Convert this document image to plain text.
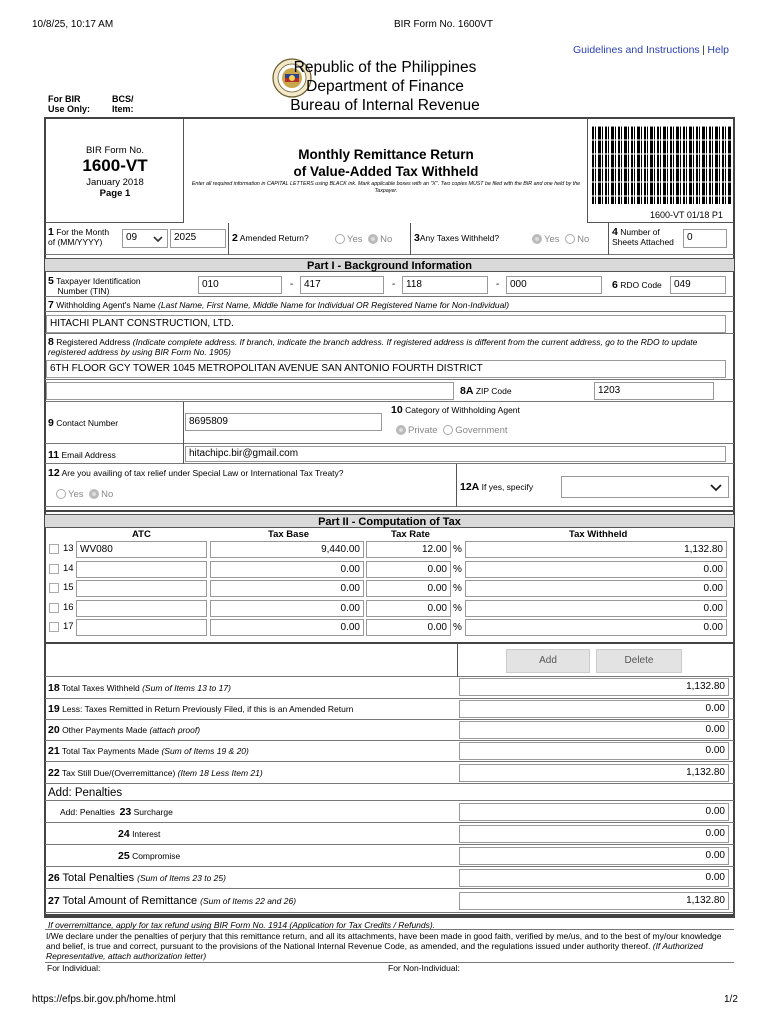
10/8/25, 10:17 AM	BIR Form No. 1600VT
Guidelines and Instructions | Help
Republic of the Philippines
Department of Finance
Bureau of Internal Revenue
For BIR
Use Only:
BCS/
Item:
BIR Form No.
1600-VT
January 2018
Page 1
Monthly Remittance Return
of Value-Added Tax Withheld
Enter all required information in CAPITAL LETTERS using BLACK ink. Mark applicable boxes with an "X". Two copies MUST be filed with the BIR and one held by the Taxpayer.
1600-VT 01/18 P1
1 For the Month
of (MM/YYYY)	09	2025	2 Amended Return?	Yes No 3Any Taxes Withheld?	Yes No
4 Number of
Sheets Attached	0
Part I - Background Information
5 Taxpayer Identification
Number (TIN)
010	-	417	-	118	-	000	6 RDO Code	049
7 Withholding Agent's Name (Last Name, First Name, Middle Name for Individual OR Registered Name for Non-Individual)
HITACHI PLANT CONSTRUCTION, LTD.
8 Registered Address (Indicate complete address. If branch, indicate the branch address. If registered address is different from the current address, go to the RDO to update registered address by using BIR Form No. 1905)
6TH FLOOR GCY TOWER 1045 METROPOLITAN AVENUE SAN ANTONIO FOURTH DISTRICT
8A ZIP Code	1203
9 Contact Number	8695809
10 Category of Withholding Agent
Private Government
11 Email Address	hitachipc.bir@gmail.com
12 Are you availing of tax relief under Special Law or International Tax Treaty?
Yes No
12A If yes, specify
Part II - Computation of Tax
ATC	Tax Base	Tax Rate	Tax Withheld
13 WV080	9,440.00	12.00 %	1,132.80
14	0.00	0.00 %	0.00
15	0.00	0.00 %	0.00
16	0.00	0.00 %	0.00
17	0.00	0.00 %	0.00
Add	Delete
18 Total Taxes Withheld (Sum of Items 13 to 17)	1,132.80
19 Less: Taxes Remitted in Return Previously Filed, if this is an Amended Return	0.00
20 Other Payments Made (attach proof)	0.00
21 Total Tax Payments Made (Sum of Items 19 & 20)	0.00
22 Tax Still Due/(Overremittance) (Item 18 Less Item 21)	1,132.80
Add: Penalties
Add: Penalties 23 Surcharge	0.00
24 Interest	0.00
25 Compromise	0.00
26 Total Penalties (Sum of Items 23 to 25)	0.00
27 Total Amount of Remittance (Sum of Items 22 and 26)	1,132.80
If overremittance, apply for tax refund using BIR Form No. 1914 (Application for Tax Credits / Refunds).
I/We declare under the penalties of perjury that this remittance return, and all its attachments, have been made in good faith, verified by me/us, and to the best of my/our knowledge and belief, is true and correct, pursuant to the provisions of the National Internal Revenue Code, as amended, and the regulations issued under authority thereof. (If Authorized Representative, attach authorization letter)
For Individual:	For Non-Individual:
https://efps.bir.gov.ph/home.html	1/2
